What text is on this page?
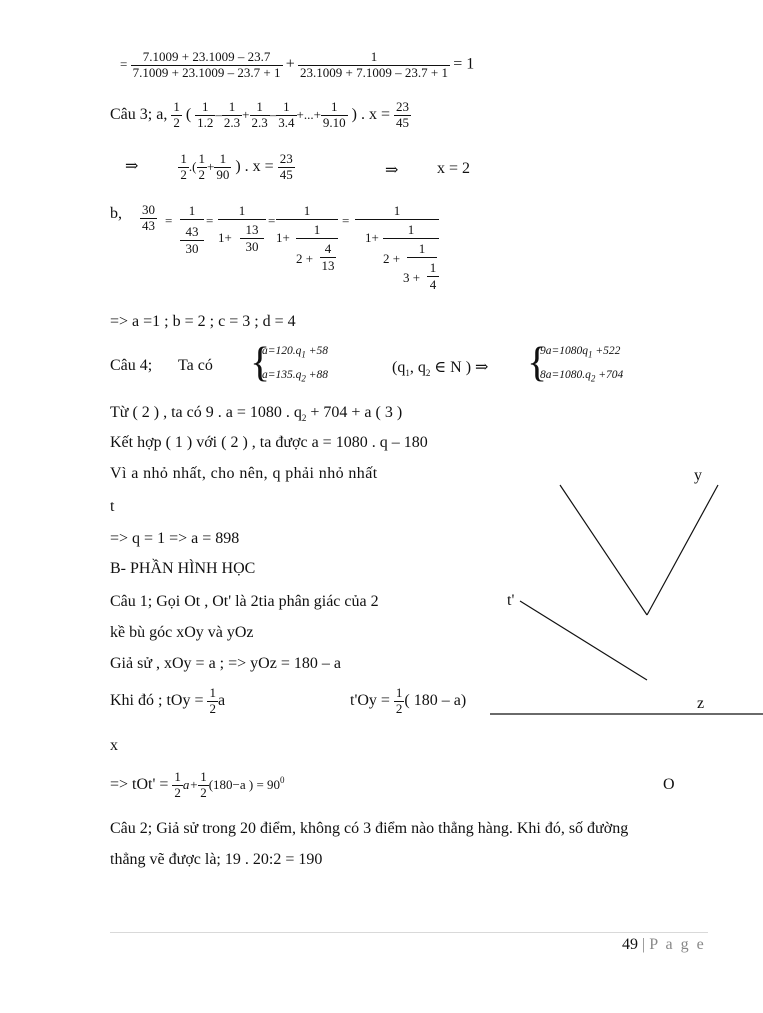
= $\frac{7.1009 + 23.1009 - 23.7}{7.1009 + 23.1009 - 23.7 + 1} + \frac{1}{23.1009 + 7.1009 - 23.7 + 1} = 1$
Câu 3; a, $\frac{1}{2}$ ( $\frac{1}{1.2} - \frac{1}{2.3} + \frac{1}{2.3} - \frac{1}{3.4}$ +...+ $\frac{1}{9.10}$ ) . $x = \frac{23}{45}$
⇒	$\frac{1}{2}$ .( $\frac{1}{2} + \frac{1}{90}$ ) . $x = \frac{23}{45}$	⇒ x = 2
b, $\frac{30}{43}$ =
1
43
30
=
1
1+
13
30
=
1
1+
1
2 +
4
13
=
1
1+
1
2 +
1
3 +
1
4
=> a =1 ; b = 2 ; c = 3 ; d = 4
Câu 4; Ta có {
$a=120.q_1 +58$
$a=135.q_2 +88$	($q_1$, $q_2$ ∈ N ) ⇒ {
$9a=1080q_1 +522$
$8a=1080.q_2 +704$
Từ ( 2 ) , ta có 9 . a = 1080 . $q_2 + 704 + a$ ( 3 )
Kết hợp ( 1 ) với ( 2 ) , ta được a = 1080 . q – 180
Vì a nhỏ nhất, cho nên, q phải nhỏ nhất
t
=> q = 1 => a = 898
B- PHẦN HÌNH HỌC
Câu 1; Gọi Ot , Ot' là 2tia phân giác của 2
kề bù góc xOy và yOz
Giả sử , xOy = a ; => yOz = 180 – a
Khi đó ; tOy = $\frac{1}{2}$ a	$t'Oy = \frac{1}{2}$ ( 180 – a)
x
=> $tOt' = \frac{1}{2} a+ \frac{1}{2} (180-a$ ) = $90^0$
Câu 2; Giả sử trong 20 điểm, không có 3 điểm nào thẳng hàng. Khi đó, số đường
thẳng vẽ được là; 19 . 20:2 = 190
y
t'
z
O
49 | P a g e
